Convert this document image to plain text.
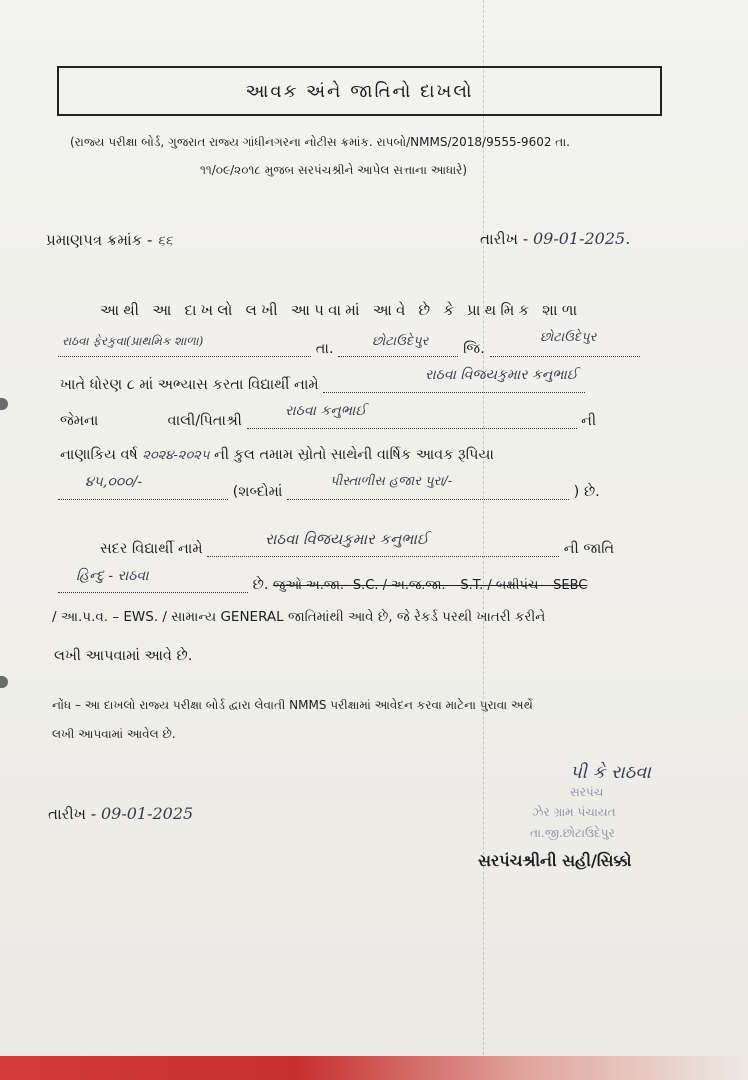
આવક અંને જાતિનો દાખલો
(રાજ્ય પરીક્ષા બોર્ડ, ગુજરાત રાજ્ય ગાંધીનગરના નોટીસ ક્રમાંક. રાપબો/NMMS/2018/9555-9602 તા.
૧૧/૦૯/૨૦૧૮ મુજબ સરપંચશ્રીને આપેલ સત્તાના આધારે)
પ્રમાણપત્ર ક્રમાંક - ૬૬	તારીખ - 09-01-2025.
આથી આ દાખલો લખી આપવામાં આવે છે કે પ્રાથમિક શાળા
તા.	જિ.
રાઠવા ફેરકુવા(પ્રાથમિક શાળા)	છોટાઉદેપુર	છોટાઉદેપુર
ખાતે ધોરણ ૮ માં અભ્યાસ કરતા વિદ્યાર્થી નામે
રાઠવા વિજયકુમાર કનુભાઈ
જેમના	વાલી/પિતાશ્રી	ની
રાઠવા કનુભાઈ
નાણાકિય વર્ષ ૨૦૨૪-૨૦૨૫ ની કુલ તમામ સ્રોતો સાથેની વાર્ષિક આવક રૂપિયા
(શબ્દોમાં	) છે.
૪૫,૦૦૦/-	પીસ્તાળીસ હજાર પુરા/-
સદર વિદ્યાર્થી નામે	ની જાતિ
રાઠવા વિજયકુમાર કનુભાઈ
છે. જુઓ અ.જા.- S.C. / અ.જ.જા. – S.T. / બક્ષીપંચ – SEBC
હિન્દુ - રાઠવા
/ આ.પ.વ. – EWS. / સામાન્ય GENERAL જાતિમાંથી આવે છે, જે રેકર્ડ પરથી ખાતરી કરીને
લખી આપવામાં આવે છે.
નોંધ – આ દાખલો રાજ્ય પરીક્ષા બોર્ડ દ્વારા લેવાતી NMMS પરીક્ષામાં આવેદન કરવા માટેના પુરાવા અર્થે
લખી આપવામાં આવેલ છે.
પી કે રાઠવા
સરપંચ
ઝેર ગ્રામ પંચાયત
તા.જી.છોટાઉદેપુર
તારીખ - 09-01-2025
સરપંચશ્રીની સહી/સિક્કો
